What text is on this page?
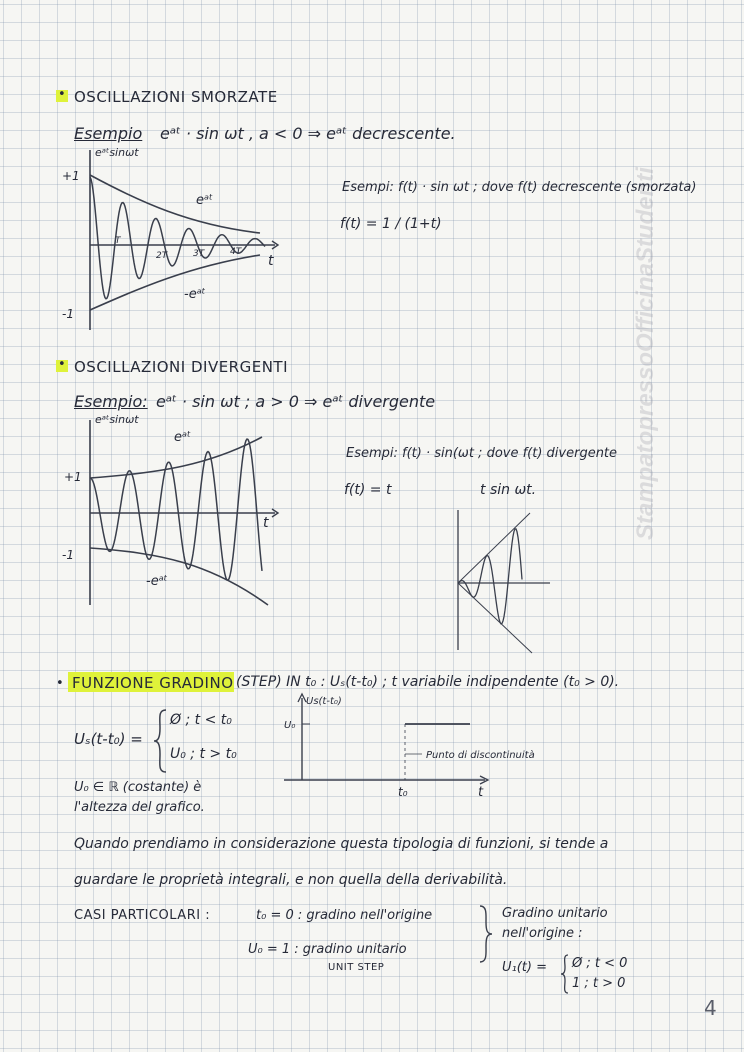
StampatopressoOfficinaStudenti
• OSCILLAZIONI SMORZATE
Esempio eᵃᵗ · sin ωt , a < 0 ⇒ eᵃᵗ decrescente.
Esempi: f(t) · sin ωt ; dove f(t) decrescente (smorzata)
f(t) = 1 / (1+t)
eᵃᵗsinωt
+1
-1
t
eᵃᵗ
-eᵃᵗ
T
2T	3T	4T
• OSCILLAZIONI DIVERGENTI
Esempio: eᵃᵗ · sin ωt ; a > 0 ⇒ eᵃᵗ divergente
Esempi: f(t) · sin(ωt ; dove f(t) divergente
f(t) = t	t sin ωt.
eᵃᵗsinωt
+1
-1
t
eᵃᵗ
-eᵃᵗ
• FUNZIONE GRADINO (STEP) IN t₀ : Uₛ(t-t₀) ; t variabile indipendente (t₀ > 0).
Uₛ(t-t₀) =
Ø ; t < t₀
U₀ ; t > t₀
U₀ ∈ ℝ (costante) è
l'altezza del grafico.
Us(t-t₀)
U₀
t
t₀
Punto di discontinuità
Quando prendiamo in considerazione questa tipologia di funzioni, si tende a
guardare le proprietà integrali, e non quella della derivabilità.
CASI PARTICOLARI :	t₀ = 0 : gradino nell'origine
U₀ = 1 : gradino unitario
UNIT STEP
Gradino unitario
nell'origine :
U₁(t) = Ø ; t < 0
1 ; t > 0
4
